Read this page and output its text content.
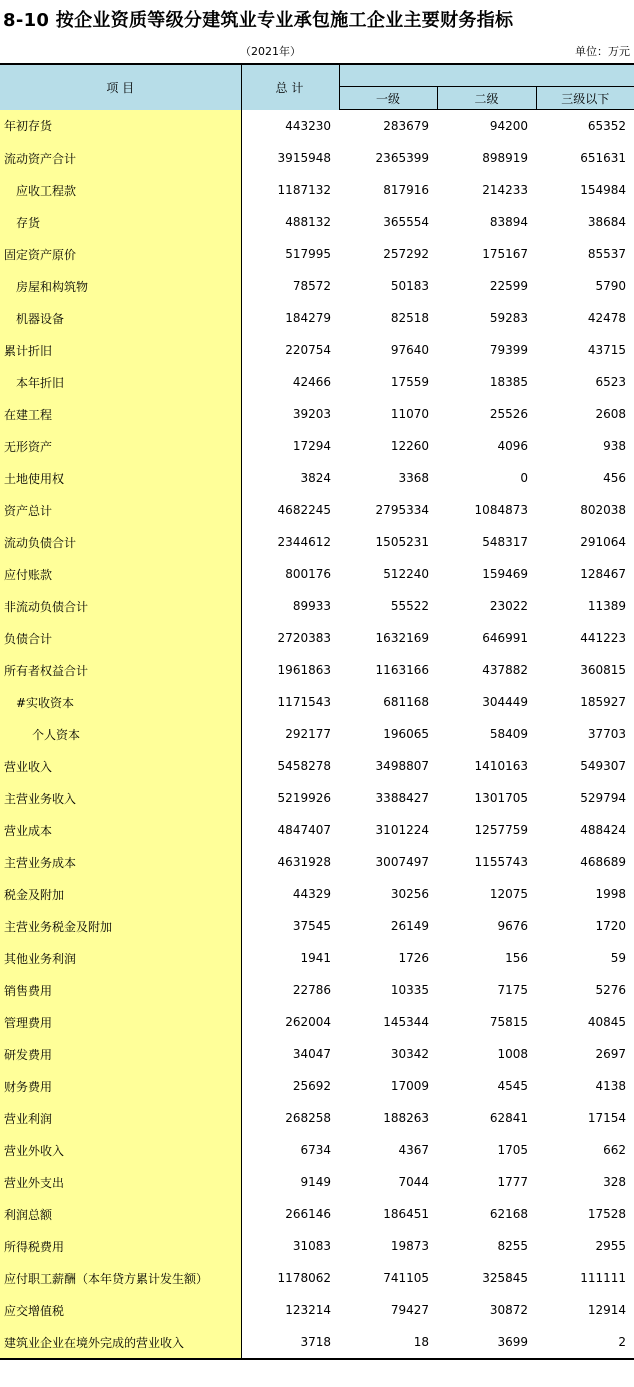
8-10 按企业资质等级分建筑业专业承包施工企业主要财务指标
（2021年）	单位：万元
项 目	总 计			
		一级	二级	三级以下
年初存货	443230	283679	94200	65352
流动资产合计	3915948	2365399	898919	651631
应收工程款	1187132	817916	214233	154984
存货	488132	365554	83894	38684
固定资产原价	517995	257292	175167	85537
房屋和构筑物	78572	50183	22599	5790
机器设备	184279	82518	59283	42478
累计折旧	220754	97640	79399	43715
本年折旧	42466	17559	18385	6523
在建工程	39203	11070	25526	2608
无形资产	17294	12260	4096	938
土地使用权	3824	3368	0	456
资产总计	4682245	2795334	1084873	802038
流动负债合计	2344612	1505231	548317	291064
应付账款	800176	512240	159469	128467
非流动负债合计	89933	55522	23022	11389
负债合计	2720383	1632169	646991	441223
所有者权益合计	1961863	1163166	437882	360815
#实收资本	1171543	681168	304449	185927
个人资本	292177	196065	58409	37703
营业收入	5458278	3498807	1410163	549307
主营业务收入	5219926	3388427	1301705	529794
营业成本	4847407	3101224	1257759	488424
主营业务成本	4631928	3007497	1155743	468689
税金及附加	44329	30256	12075	1998
主营业务税金及附加	37545	26149	9676	1720
其他业务利润	1941	1726	156	59
销售费用	22786	10335	7175	5276
管理费用	262004	145344	75815	40845
研发费用	34047	30342	1008	2697
财务费用	25692	17009	4545	4138
营业利润	268258	188263	62841	17154
营业外收入	6734	4367	1705	662
营业外支出	9149	7044	1777	328
利润总额	266146	186451	62168	17528
所得税费用	31083	19873	8255	2955
应付职工薪酬（本年贷方累计发生额）	1178062	741105	325845	111111
应交增值税	123214	79427	30872	12914
建筑业企业在境外完成的营业收入	3718	18	3699	2
